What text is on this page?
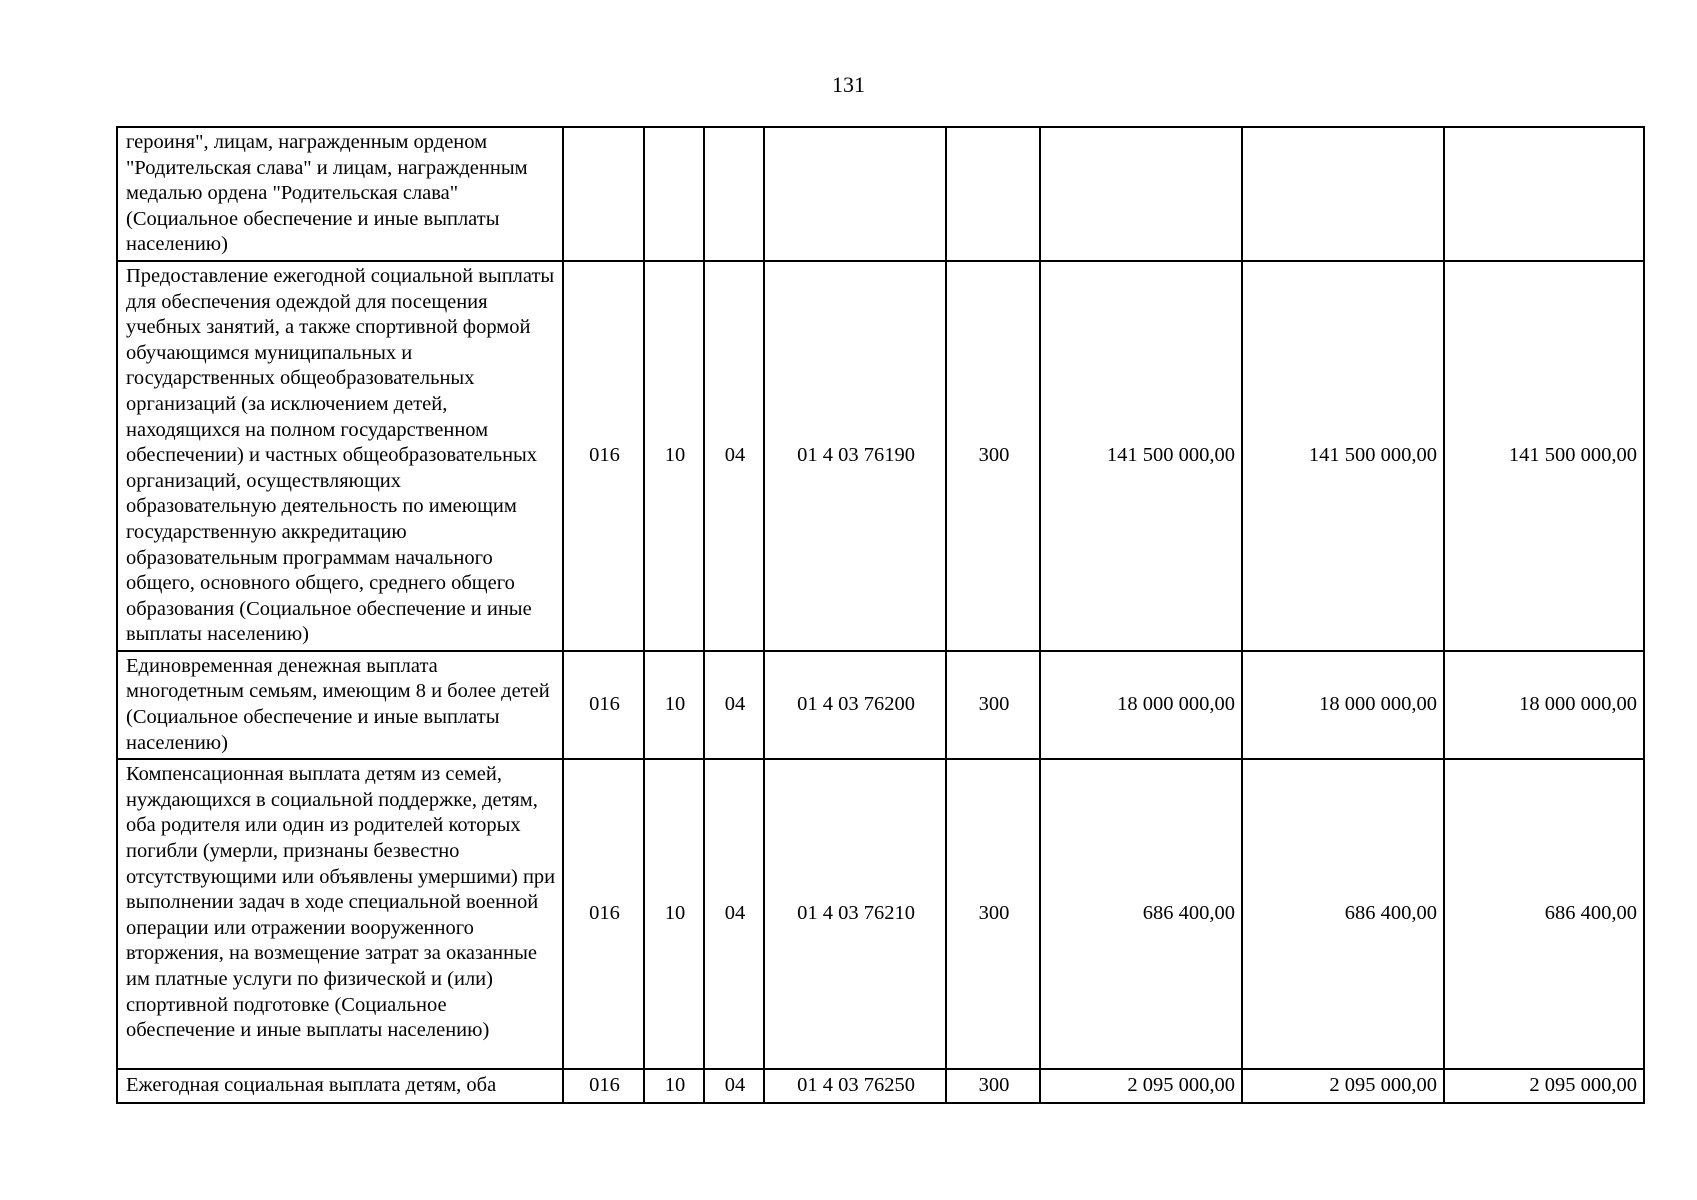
131
героиня", лицам, награжденным орденом "Родительская слава" и лицам, награжденным медалью ордена "Родительская слава" (Социальное обеспечение и иные выплаты населению)								
Предоставление ежегодной социальной выплаты для обеспечения одеждой для посещения учебных занятий, а также спортивной формой обучающимся муниципальных и государственных общеобразовательных организаций (за исключением детей, находящихся на полном государственном обеспечении) и частных общеобразовательных организаций, осуществляющих образовательную деятельность по имеющим государственную аккредитацию образовательным программам начального общего, основного общего, среднего общего образования (Социальное обеспечение и иные выплаты населению)	016	10	04	01 4 03 76190	300	141 500 000,00	141 500 000,00	141 500 000,00
Единовременная денежная выплата многодетным семьям, имеющим 8 и более детей (Социальное обеспечение и иные выплаты населению)	016	10	04	01 4 03 76200	300	18 000 000,00	18 000 000,00	18 000 000,00
Компенсационная выплата детям из семей, нуждающихся в социальной поддержке, детям, оба родителя или один из родителей которых погибли (умерли, признаны безвестно отсутствующими или объявлены умершими) при выполнении задач в ходе специальной военной операции или отражении вооруженного вторжения, на возмещение затрат за оказанные им платные услуги по физической и (или) спортивной подготовке (Социальное обеспечение и иные выплаты населению)	016	10	04	01 4 03 76210	300	686 400,00	686 400,00	686 400,00
Ежегодная социальная выплата детям, оба	016	10	04	01 4 03 76250	300	2 095 000,00	2 095 000,00	2 095 000,00
